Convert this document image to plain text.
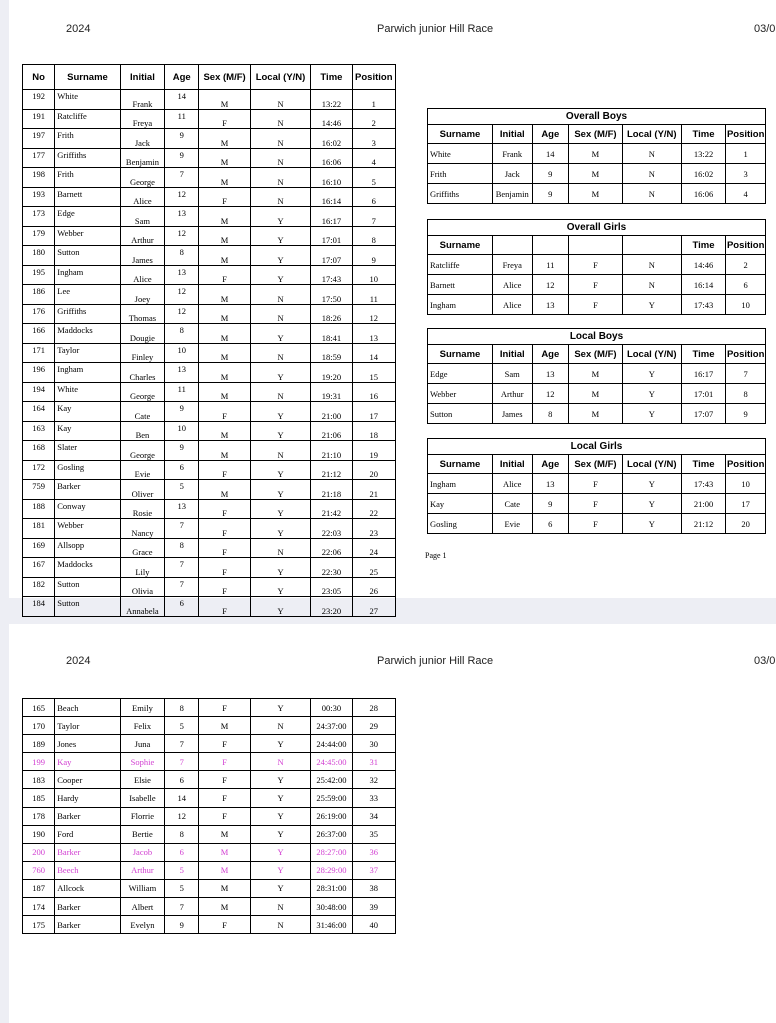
2024	Parwich junior Hill Race	03/0
No	Surname	Initial	Age	Sex (M/F)	Local (Y/N)	Time	Position
192	White	Frank	14	M	N	13:22	1
191	Ratcliffe	Freya	11	F	N	14:46	2
197	Frith	Jack	9	M	N	16:02	3
177	Griffiths	Benjamin	9	M	N	16:06	4
198	Frith	George	7	M	N	16:10	5
193	Barnett	Alice	12	F	N	16:14	6
173	Edge	Sam	13	M	Y	16:17	7
179	Webber	Arthur	12	M	Y	17:01	8
180	Sutton	James	8	M	Y	17:07	9
195	Ingham	Alice	13	F	Y	17:43	10
186	Lee	Joey	12	M	N	17:50	11
176	Griffiths	Thomas	12	M	N	18:26	12
166	Maddocks	Dougie	8	M	Y	18:41	13
171	Taylor	Finley	10	M	N	18:59	14
196	Ingham	Charles	13	M	Y	19:20	15
194	White	George	11	M	N	19:31	16
164	Kay	Cate	9	F	Y	21:00	17
163	Kay	Ben	10	M	Y	21:06	18
168	Slater	George	9	M	N	21:10	19
172	Gosling	Evie	6	F	Y	21:12	20
759	Barker	Oliver	5	M	Y	21:18	21
188	Conway	Rosie	13	F	Y	21:42	22
181	Webber	Nancy	7	F	Y	22:03	23
169	Allsopp	Grace	8	F	N	22:06	24
167	Maddocks	Lily	7	F	Y	22:30	25
182	Sutton	Olivia	7	F	Y	23:05	26
184	Sutton	Annabela	6	F	Y	23:20	27
Overall Boys						
Surname	Initial	Age	Sex (M/F)	Local (Y/N)	Time	Position
White	Frank	14	M	N	13:22	1
Frith	Jack	9	M	N	16:02	3
Griffiths	Benjamin	9	M	N	16:06	4
Overall Girls						
Surname					Time	Position
Ratcliffe	Freya	11	F	N	14:46	2
Barnett	Alice	12	F	N	16:14	6
Ingham	Alice	13	F	Y	17:43	10
Local Boys						
Surname	Initial	Age	Sex (M/F)	Local (Y/N)	Time	Position
Edge	Sam	13	M	Y	16:17	7
Webber	Arthur	12	M	Y	17:01	8
Sutton	James	8	M	Y	17:07	9
Local Girls						
Surname	Initial	Age	Sex (M/F)	Local (Y/N)	Time	Position
Ingham	Alice	13	F	Y	17:43	10
Kay	Cate	9	F	Y	21:00	17
Gosling	Evie	6	F	Y	21:12	20
Page 1
2024	Parwich junior Hill Race	03/0
165	Beach	Emily	8	F	Y	00:30	28
170	Taylor	Felix	5	M	N	24:37:00	29
189	Jones	Juna	7	F	Y	24:44:00	30
199	Kay	Sophie	7	F	N	24:45:00	31
183	Cooper	Elsie	6	F	Y	25:42:00	32
185	Hardy	Isabelle	14	F	Y	25:59:00	33
178	Barker	Florrie	12	F	Y	26:19:00	34
190	Ford	Bertie	8	M	Y	26:37:00	35
200	Barker	Jacob	6	M	Y	28:27:00	36
760	Beech	Arthur	5	M	Y	28:29:00	37
187	Allcock	William	5	M	Y	28:31:00	38
174	Barker	Albert	7	M	N	30:48:00	39
175	Barker	Evelyn	9	F	N	31:46:00	40
